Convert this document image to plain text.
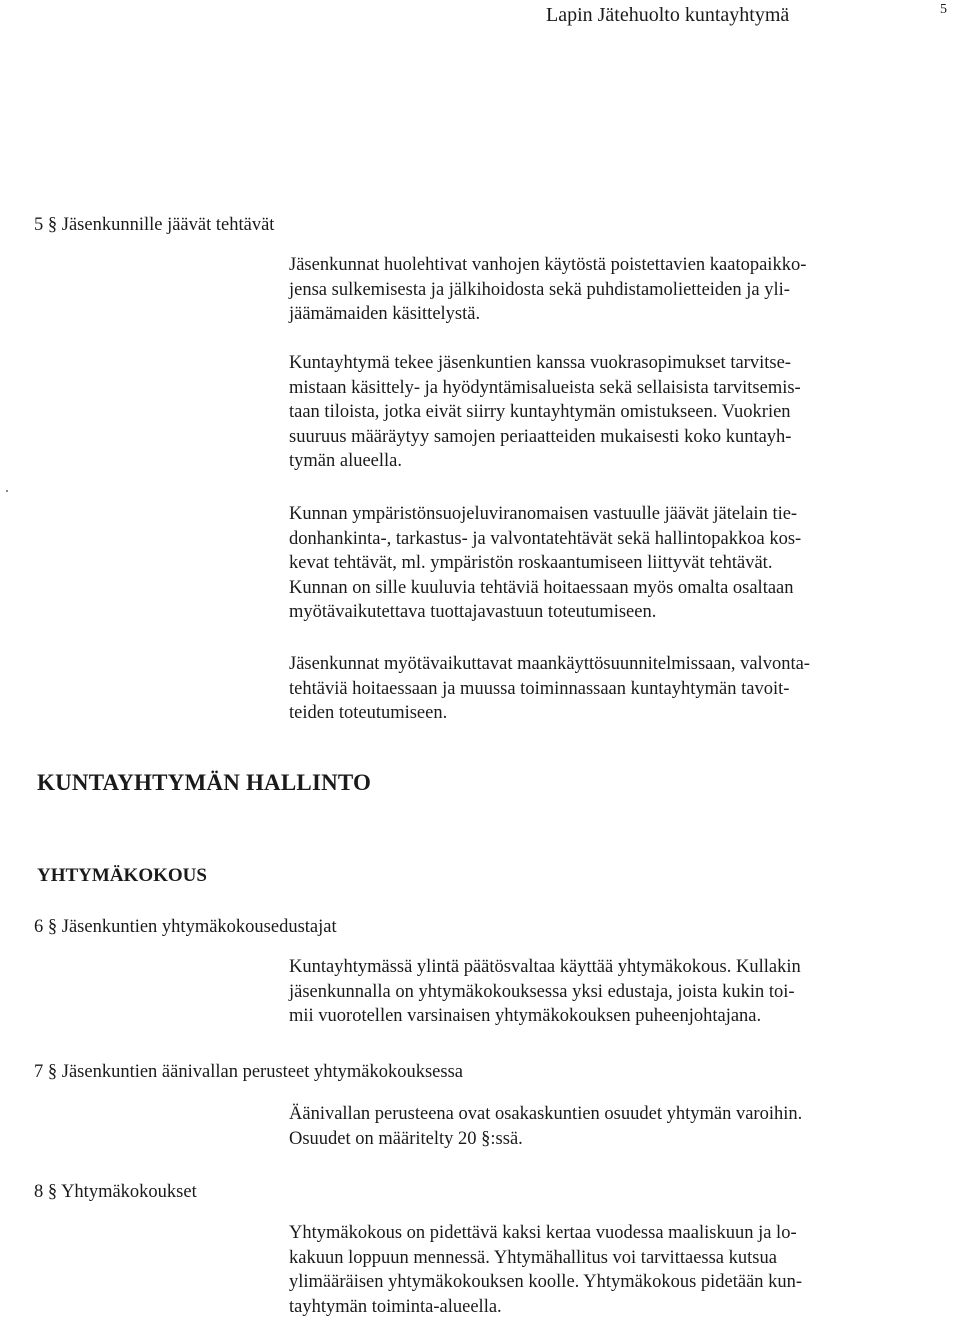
Lapin Jätehuolto kuntayhtymä	5
5 § Jäsenkunnille jäävät tehtävät

Jäsenkunnat huolehtivat vanhojen käytöstä poistettavien kaatopaikko-

jensa sulkemisesta ja jälkihoidosta sekä puhdistamolietteiden ja yli-

jäämämaiden käsittelystä.

Kuntayhtymä tekee jäsenkuntien kanssa vuokrasopimukset tarvitse-

mistaan käsittely- ja hyödyntämisalueista sekä sellaisista tarvitsemis-

taan tiloista, jotka eivät siirry kuntayhtymän omistukseen. Vuokrien

suuruus määräytyy samojen periaatteiden mukaisesti koko kuntayh-

tymän alueella.

Kunnan ympäristönsuojeluviranomaisen vastuulle jäävät jätelain tie-

donhankinta-, tarkastus- ja valvontatehtävät sekä hallintopakkoa kos-

kevat tehtävät, ml. ympäristön roskaantumiseen liittyvät tehtävät.

Kunnan on sille kuuluvia tehtäviä hoitaessaan myös omalta osaltaan

myötävaikutettava tuottajavastuun toteutumiseen.

Jäsenkunnat myötävaikuttavat maankäyttösuunnitelmissaan, valvonta-

tehtäviä hoitaessaan ja muussa toiminnassaan kuntayhtymän tavoit-

teiden toteutumiseen.

KUNTAYHTYMÄN HALLINTO
YHTYMÄKOKOUS
6 § Jäsenkuntien yhtymäkokousedustajat

Kuntayhtymässä ylintä päätösvaltaa käyttää yhtymäkokous. Kullakin

jäsenkunnalla on yhtymäkokouksessa yksi edustaja, joista kukin toi-

mii vuorotellen varsinaisen yhtymäkokouksen puheenjohtajana.

7 § Jäsenkuntien äänivallan perusteet yhtymäkokouksessa

Äänivallan perusteena ovat osakaskuntien osuudet yhtymän varoihin.

Osuudet on määritelty 20 §:ssä.

8 § Yhtymäkokoukset

Yhtymäkokous on pidettävä kaksi kertaa vuodessa maaliskuun ja lo-

kakuun loppuun mennessä. Yhtymähallitus voi tarvittaessa kutsua

ylimääräisen yhtymäkokouksen koolle. Yhtymäkokous pidetään kun-

tayhtymän toiminta-alueella.
